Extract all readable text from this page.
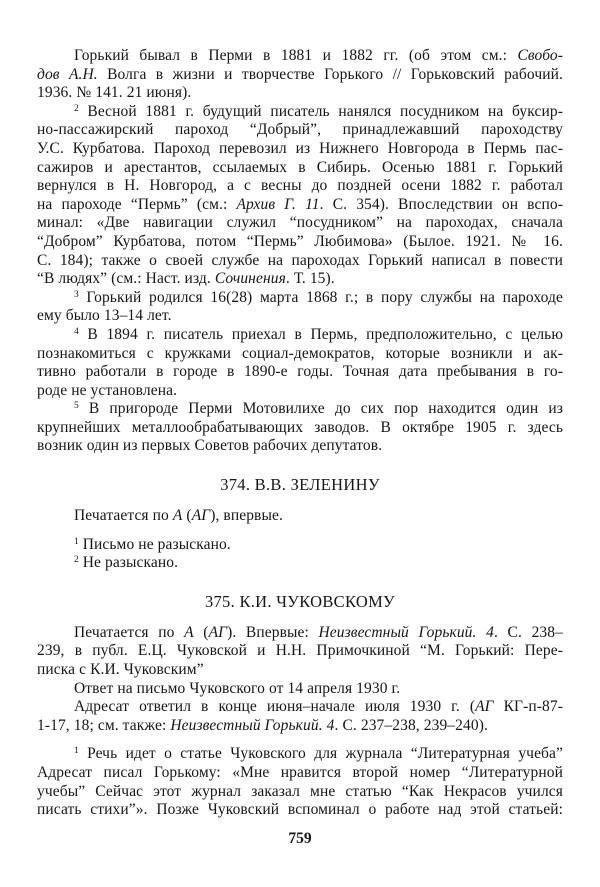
Горький бывал в Перми в 1881 и 1882 гг. (об этом см.: Свобо-
дов А.Н. Волга в жизни и творчестве Горького // Горьковский рабочий.
1936. № 141. 21 июня).
$^2$ Весной 1881 г. будущий писатель нанялся посудником на буксир-
но-пассажирский пароход “Добрый”, принадлежавший пароходству
У.С. Курбатова. Пароход перевозил из Нижнего Новгорода в Пермь пас-
сажиров и арестантов, ссылаемых в Сибирь. Осенью 1881 г. Горький
вернулся в Н. Новгород, а с весны до поздней осени 1882 г. работал
на пароходе “Пермь” (см.: Архив Г. 11. С. 354). Впоследствии он вспо-
минал: «Две навигации служил “посудником” на пароходах, сначала
“Добром” Курбатова, потом “Пермь” Любимова» (Былое. 1921. № 16.
С. 184); также о своей службе на пароходах Горький написал в повести
“В людях” (см.: Наст. изд. Сочинения. Т. 15).
$^3$ Горький родился 16(28) марта 1868 г.; в пору службы на пароходе
ему было 13–14 лет.
$^4$ В 1894 г. писатель приехал в Пермь, предположительно, с целью
познакомиться с кружками социал-демократов, которые возникли и ак-
тивно работали в городе в 1890-е годы. Точная дата пребывания в го-
роде не установлена.
$^5$ В пригороде Перми Мотовилихе до сих пор находится один из
крупнейших металлообрабатывающих заводов. В октябре 1905 г. здесь
возник один из первых Советов рабочих депутатов.
374. В.В. ЗЕЛЕНИНУ
Печатается по А (АГ), впервые.
$^1$ Письмо не разыскано.
$^2$ Не разыскано.
375. К.И. ЧУКОВСКОМУ
Печатается по А (АГ). Впервые: Неизвестный Горький. 4. С. 238–
239, в публ. Е.Ц. Чуковской и Н.Н. Примочкиной “М. Горький: Пере-
писка с К.И. Чуковским”
Ответ на письмо Чуковского от 14 апреля 1930 г.
Адресат ответил в конце июня–начале июля 1930 г. (АГ КГ-п-87-
1-17, 18; см. также: Неизвестный Горький. 4. С. 237–238, 239–240).
$^1$ Речь идет о статье Чуковского для журнала “Литературная учеба”
Адресат писал Горькому: «Мне нравится второй номер “Литературной
учебы” Сейчас этот журнал заказал мне статью “Как Некрасов учился
писать стихи”». Позже Чуковский вспоминал о работе над этой статьей:
759
